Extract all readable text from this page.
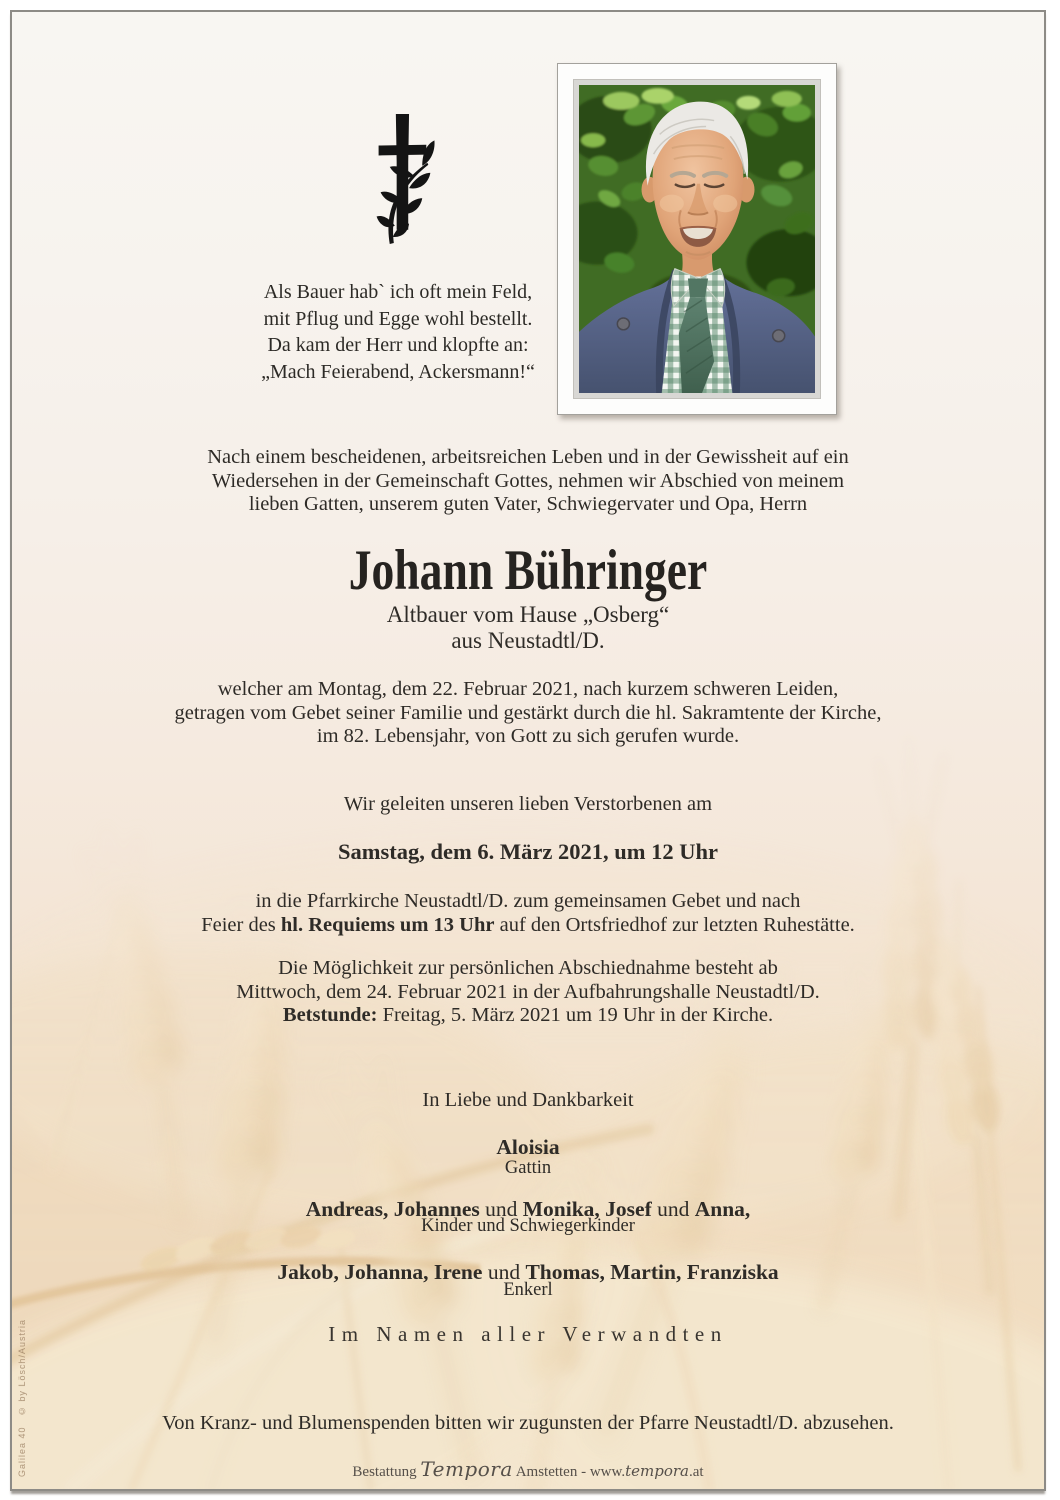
Galilea 40   © by Lösch/Austria
Als Bauer hab` ich oft mein Feld,
mit Pflug und Egge wohl bestellt.
Da kam der Herr und klopfte an:
„Mach Feierabend, Ackersmann!“
Nach einem bescheidenen, arbeitsreichen Leben und in der Gewissheit auf ein
Wiedersehen in der Gemeinschaft Gottes, nehmen wir Abschied von meinem
lieben Gatten, unserem guten Vater, Schwiegervater und Opa, Herrn
Johann Bühringer
Altbauer vom Hause „Osberg“
aus Neustadtl/D.
welcher am Montag, dem 22. Februar 2021, nach kurzem schweren Leiden,
getragen vom Gebet seiner Familie und gestärkt durch die hl. Sakramtente der Kirche,
im 82. Lebensjahr, von Gott zu sich gerufen wurde.
Wir geleiten unseren lieben Verstorbenen am
Samstag, dem 6. März 2021, um 12 Uhr
in die Pfarrkirche Neustadtl/D. zum gemeinsamen Gebet und nach
Feier des hl. Requiems um 13 Uhr auf den Ortsfriedhof zur letzten Ruhestätte.
Die Möglichkeit zur persönlichen Abschiednahme besteht ab
Mittwoch, dem 24. Februar 2021 in der Aufbahrungshalle Neustadtl/D.
Betstunde: Freitag, 5. März 2021 um 19 Uhr in der Kirche.
In Liebe und Dankbarkeit
Aloisia
Gattin
Andreas, Johannes und Monika, Josef und Anna,
Kinder und Schwiegerkinder
Jakob, Johanna, Irene und Thomas, Martin, Franziska
Enkerl
Im Namen aller Verwandten
Von Kranz- und Blumenspenden bitten wir zugunsten der Pfarre Neustadtl/D. abzusehen.
Bestattung Tempora Amstetten - www.tempora.at
